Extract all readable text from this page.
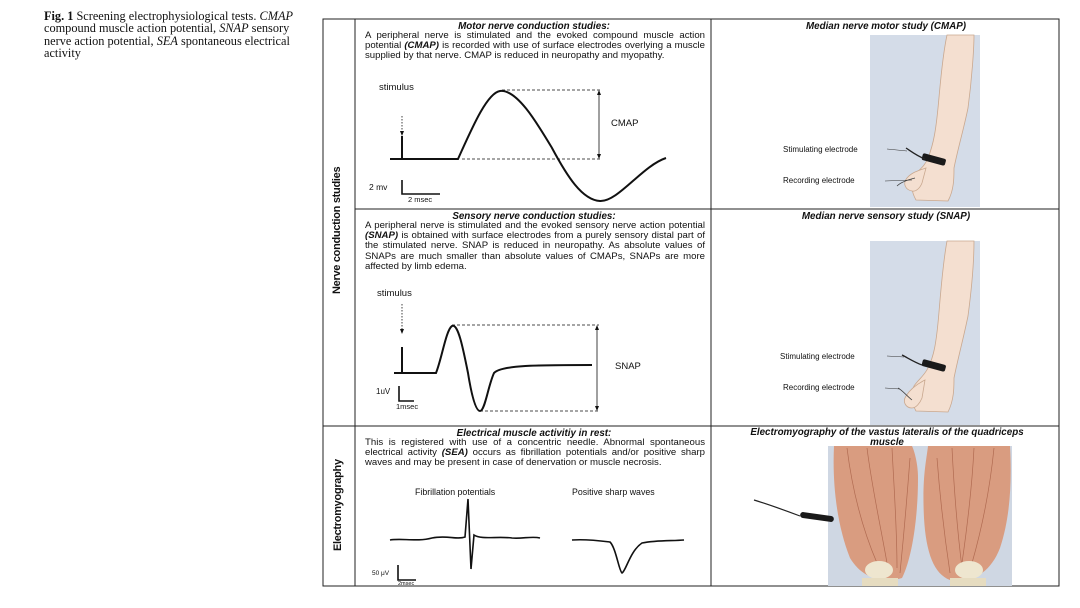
Fig. 1 Screening electrophysiological tests. CMAP compound muscle action potential, SNAP sensory nerve action potential, SEA spontaneous electrical activity
Nerve conduction studies
Electromyography
Motor nerve conduction studies:
A peripheral nerve is stimulated and the evoked compound muscle action potential (CMAP) is recorded with use of surface electrodes overlying a muscle supplied by that nerve. CMAP is reduced in neuropathy and myopathy.
stimulus
CMAP
2 mv
2 msec
Median nerve motor study (CMAP)
Stimulating electrode
Recording electrode
Sensory nerve conduction studies:
A peripheral nerve is stimulated and the evoked sensory nerve action potential (SNAP) is obtained with surface electrodes from a purely sensory distal part of the stimulated nerve. SNAP is reduced in neuropathy. As absolute values of SNAPs are much smaller than absolute values of CMAPs, SNAPs are more affected by limb edema.
stimulus
SNAP
1uV
1msec
Median nerve sensory study (SNAP)
Stimulating electrode
Recording electrode
Electrical muscle activitiy in rest:
This is registered with use of a concentric needle. Abnormal spontaneous electrical activity (SEA) occurs as fibrillation potentials and/or positive sharp waves and may be present in case of denervation or muscle necrosis.
Fibrillation potentials	Positive sharp waves
50 μV
2msec
Electromyography of the vastus lateralis of the quadriceps muscle
